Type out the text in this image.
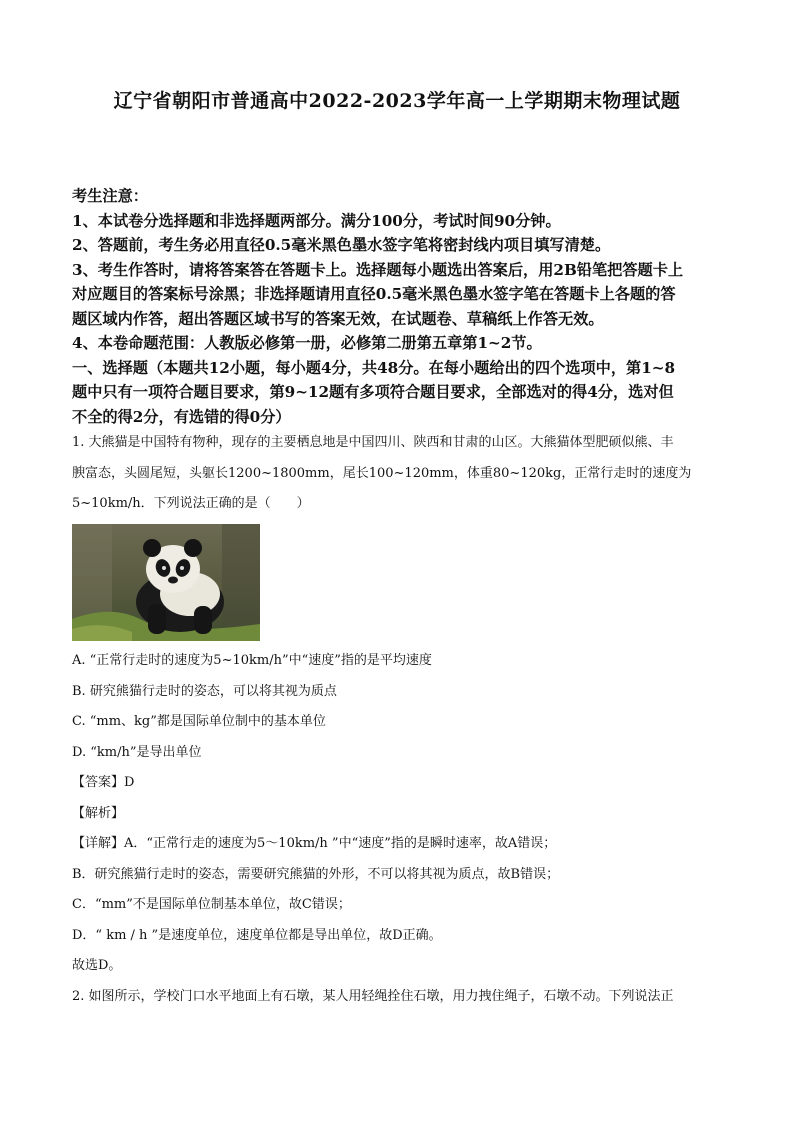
辽宁省朝阳市普通高中2022-2023学年高一上学期期末物理试题

考生注意：

1、本试卷分选择题和非选择题两部分。满分100分，考试时间90分钟。

2、答题前，考生务必用直径0.5毫米黑色墨水签字笔将密封线内项目填写清楚。

3、考生作答时，请将答案答在答题卡上。选择题每小题选出答案后，用2B铅笔把答题卡上

对应题目的答案标号涂黑；非选择题请用直径0.5毫米黑色墨水签字笔在答题卡上各题的答

题区域内作答，超出答题区域书写的答案无效，在试题卷、草稿纸上作答无效。

4、本卷命题范围：人教版必修第一册，必修第二册第五章第1~2节。

一、选择题（本题共12小题，每小题4分，共48分。在每小题给出的四个选项中，第1~8

题中只有一项符合题目要求，第9~12题有多项符合题目要求，全部选对的得4分，选对但

不全的得2分，有选错的得0分）

1. 大熊猫是中国特有物种，现存的主要栖息地是中国四川、陕西和甘肃的山区。大熊猫体型肥硕似熊、丰

腴富态，头圆尾短，头躯长1200~1800mm，尾长100~120mm，体重80~120kg，正常行走时的速度为

5~10km/h．下列说法正确的是（　　）

A. “正常行走时的速度为5~10km/h”中“速度”指的是平均速度

B. 研究熊猫行走时的姿态，可以将其视为质点

C. “mm、kg”都是国际单位制中的基本单位

D. “km/h”是导出单位

【答案】D

【解析】

【详解】A．“正常行走的速度为5～10km/h ”中“速度”指的是瞬时速率，故A错误；

B．研究熊猫行走时的姿态，需要研究熊猫的外形，不可以将其视为质点，故B错误；

C．“mm”不是国际单位制基本单位，故C错误；

D．“ km / h ”是速度单位，速度单位都是导出单位，故D正确。

故选D。

2. 如图所示，学校门口水平地面上有石墩，某人用轻绳拴住石墩，用力拽住绳子，石墩不动。下列说法正
